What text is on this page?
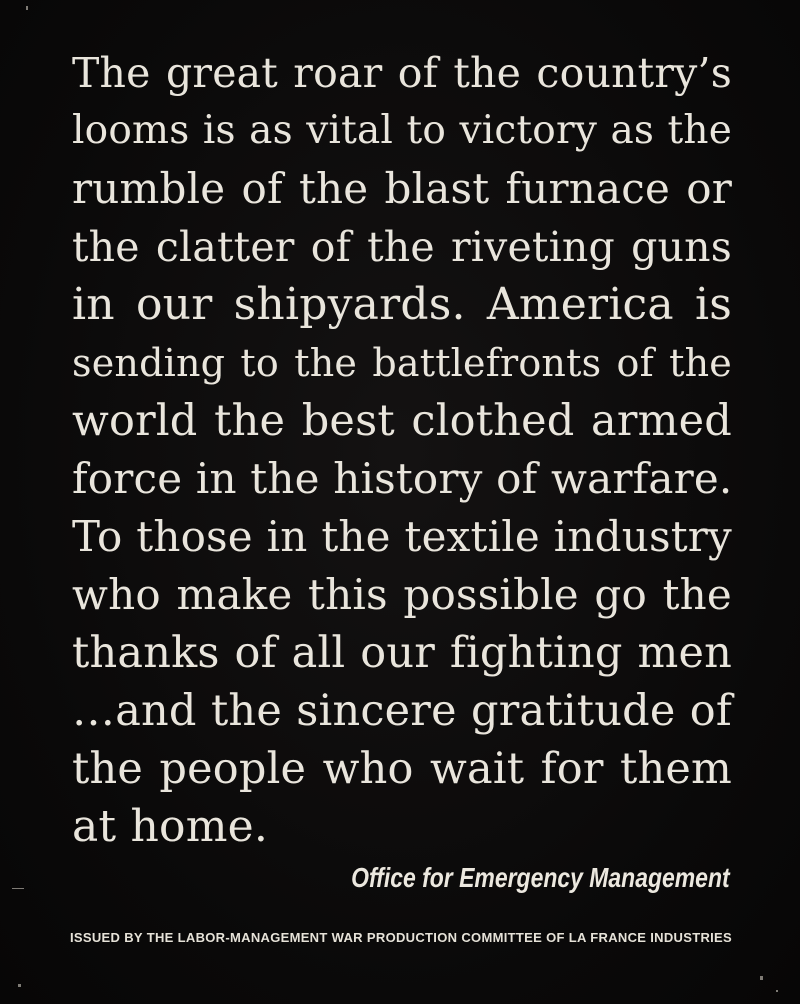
The great roar of the country’s
looms is as vital to victory as the
rumble of the blast furnace or
the clatter of the riveting guns
in our shipyards. America is
sending to the battlefronts of the
world the best clothed armed
force in the history of warfare.
To those in the textile industry
who make this possible go the
thanks of all our fighting men
…and the sincere gratitude of
the people who wait for them
at home.
Office for Emergency Management
ISSUED BY THE LABOR-MANAGEMENT WAR PRODUCTION COMMITTEE OF LA FRANCE INDUSTRIES
